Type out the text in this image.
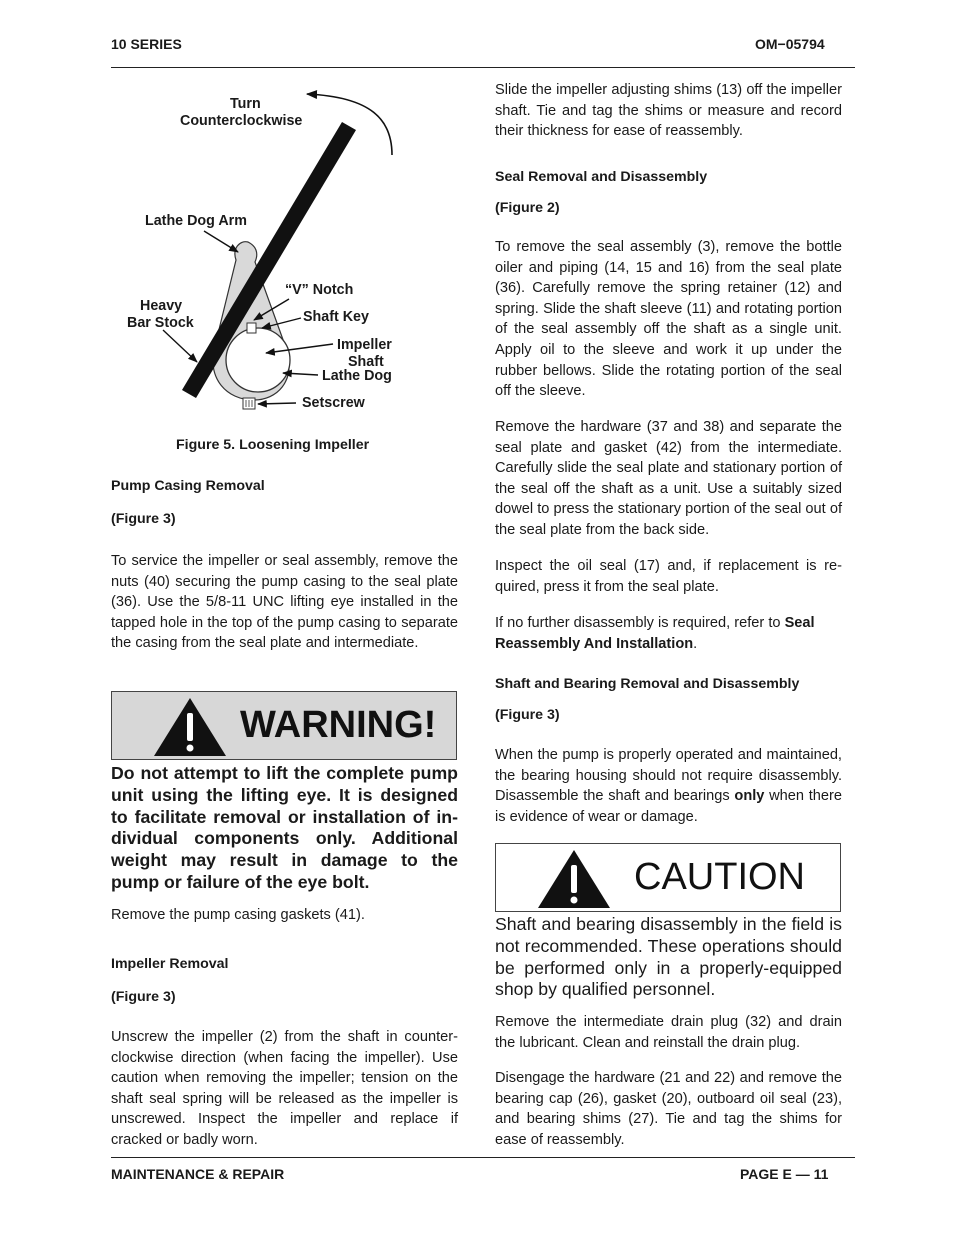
10 SERIES	OM−05794
Turn
Counterclockwise
Lathe Dog Arm
Heavy
Bar Stock
“V” Notch
Shaft Key
Impeller
Shaft
Lathe Dog
Setscrew
Figure 5. Loosening Impeller
Pump Casing Removal
(Figure 3)
To service the impeller or seal assembly, remove the nuts (40) securing the pump casing to the seal plate (36). Use the 5/8-11 UNC lifting eye installed in the tapped hole in the top of the pump casing to separate the casing from the seal plate and intermediate.
WARNING!
Do not attempt to lift the complete pump unit using the lifting eye. It is designed to facilitate removal or installation of individual components only. Additional weight may result in damage to the pump or failure of the eye bolt.
Remove the pump casing gaskets (41).
Impeller Removal
(Figure 3)
Unscrew the impeller (2) from the shaft in counterclockwise direction (when facing the impeller). Use caution when removing the impeller; tension on the shaft seal spring will be released as the impeller is unscrewed. Inspect the impeller and replace if cracked or badly worn.
Slide the impeller adjusting shims (13) off the impeller shaft. Tie and tag the shims or measure and record their thickness for ease of reassembly.
Seal Removal and Disassembly
(Figure 2)
To remove the seal assembly (3), remove the bottle oiler and piping (14, 15 and 16) from the seal plate (36). Carefully remove the spring retainer (12) and spring. Slide the shaft sleeve (11) and rotating portion of the seal assembly off the shaft as a single unit. Apply oil to the sleeve and work it up under the rubber bellows. Slide the rotating portion of the seal off the sleeve.
Remove the hardware (37 and 38) and separate the seal plate and gasket (42) from the intermediate. Carefully slide the seal plate and stationary portion of the seal off the shaft as a unit. Use a suitably sized dowel to press the stationary portion of the seal out of the seal plate from the back side.
Inspect the oil seal (17) and, if replacement is required, press it from the seal plate.
If no further disassembly is required, refer to Seal Reassembly And Installation.
Shaft and Bearing Removal and Disassembly
(Figure 3)
When the pump is properly operated and maintained, the bearing housing should not require disassembly. Disassemble the shaft and bearings only when there is evidence of wear or damage.
CAUTION
Shaft and bearing disassembly in the field is not recommended. These operations should be performed only in a properly-equipped shop by qualified personnel.
Remove the intermediate drain plug (32) and drain the lubricant. Clean and reinstall the drain plug.
Disengage the hardware (21 and 22) and remove the bearing cap (26), gasket (20), outboard oil seal (23), and bearing shims (27). Tie and tag the shims for ease of reassembly.
MAINTENANCE & REPAIR	PAGE E — 11
